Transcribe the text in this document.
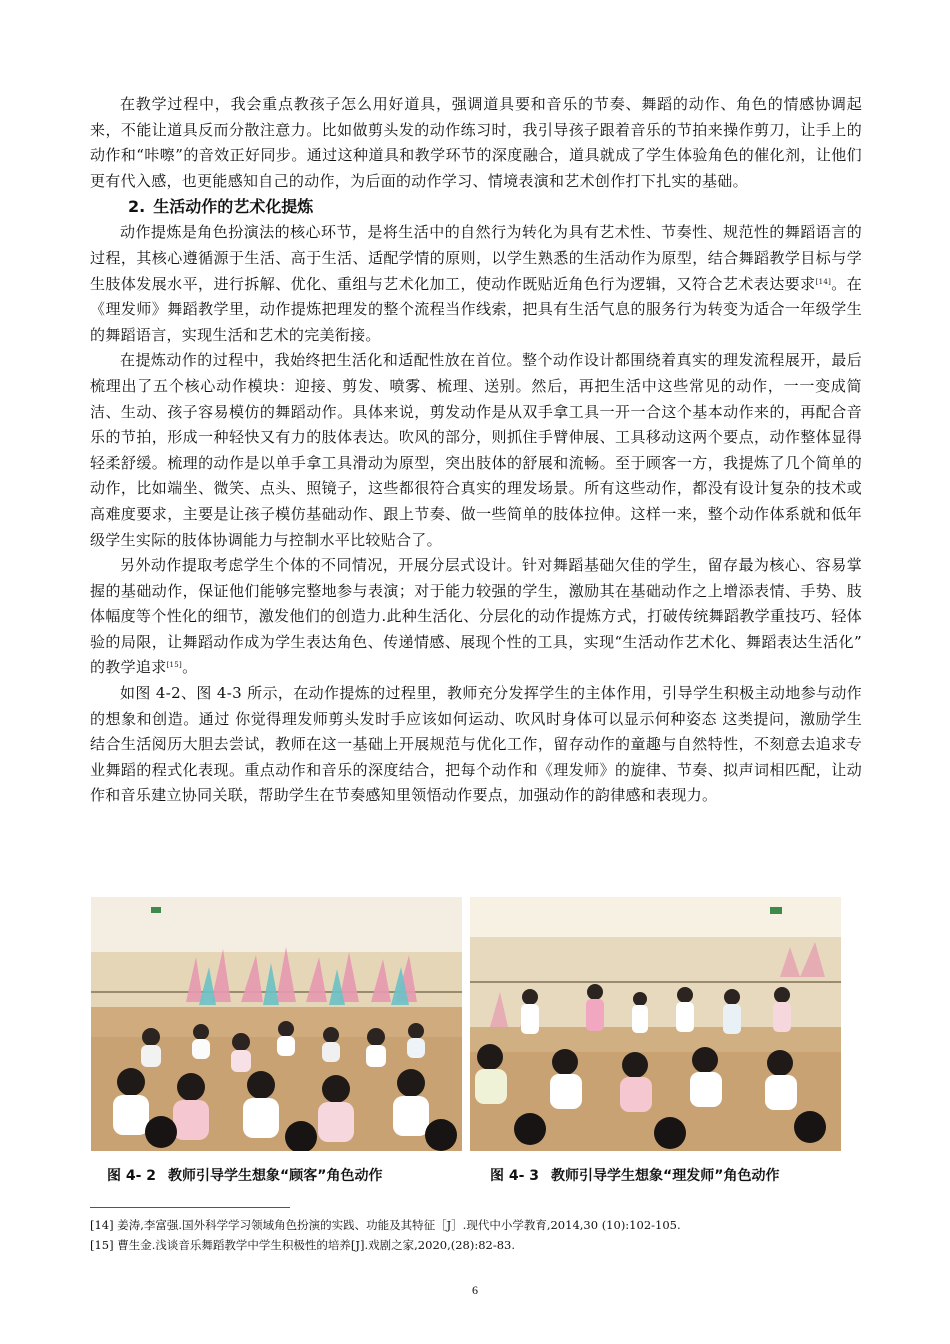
在教学过程中，我会重点教孩子怎么用好道具，强调道具要和音乐的节奏、舞蹈的动作、角色的情感协调起来，不能让道具反而分散注意力。比如做剪头发的动作练习时，我引导孩子跟着音乐的节拍来操作剪刀，让手上的动作和“咔嚓”的音效正好同步。通过这种道具和教学环节的深度融合，道具就成了学生体验角色的催化剂，让他们更有代入感，也更能感知自己的动作，为后面的动作学习、情境表演和艺术创作打下扎实的基础。

2. 生活动作的艺术化提炼

动作提炼是角色扮演法的核心环节，是将生活中的自然行为转化为具有艺术性、节奏性、规范性的舞蹈语言的过程，其核心遵循源于生活、高于生活、适配学情的原则，以学生熟悉的生活动作为原型，结合舞蹈教学目标与学生肢体发展水平，进行拆解、优化、重组与艺术化加工，使动作既贴近角色行为逻辑，又符合艺术表达要求[14]。在《理发师》舞蹈教学里，动作提炼把理发的整个流程当作线索，把具有生活气息的服务行为转变为适合一年级学生的舞蹈语言，实现生活和艺术的完美衔接。

在提炼动作的过程中，我始终把生活化和适配性放在首位。整个动作设计都围绕着真实的理发流程展开，最后梳理出了五个核心动作模块：迎接、剪发、喷雾、梳理、送别。然后，再把生活中这些常见的动作，一一变成简洁、生动、孩子容易模仿的舞蹈动作。具体来说，剪发动作是从双手拿工具一开一合这个基本动作来的，再配合音乐的节拍，形成一种轻快又有力的肢体表达。吹风的部分，则抓住手臂伸展、工具移动这两个要点，动作整体显得轻柔舒缓。梳理的动作是以单手拿工具滑动为原型，突出肢体的舒展和流畅。至于顾客一方，我提炼了几个简单的动作，比如端坐、微笑、点头、照镜子，这些都很符合真实的理发场景。所有这些动作，都没有设计复杂的技术或高难度要求，主要是让孩子模仿基础动作、跟上节奏、做一些简单的肢体拉伸。这样一来，整个动作体系就和低年级学生实际的肢体协调能力与控制水平比较贴合了。

另外动作提取考虑学生个体的不同情况，开展分层式设计。针对舞蹈基础欠佳的学生，留存最为核心、容易掌握的基础动作，保证他们能够完整地参与表演；对于能力较强的学生，激励其在基础动作之上增添表情、手势、肢体幅度等个性化的细节，激发他们的创造力.此种生活化、分层化的动作提炼方式，打破传统舞蹈教学重技巧、轻体验的局限，让舞蹈动作成为学生表达角色、传递情感、展现个性的工具，实现“生活动作艺术化、舞蹈表达生活化” 的教学追求[15]。

如图 4-2、图 4-3 所示，在动作提炼的过程里，教师充分发挥学生的主体作用，引导学生积极主动地参与动作的想象和创造。通过 你觉得理发师剪头发时手应该如何运动、吹风时身体可以显示何种姿态 这类提问，激励学生结合生活阅历大胆去尝试，教师在这一基础上开展规范与优化工作，留存动作的童趣与自然特性，不刻意去追求专业舞蹈的程式化表现。重点动作和音乐的深度结合，把每个动作和《理发师》的旋律、节奏、拟声词相匹配，让动作和音乐建立协同关联，帮助学生在节奏感知里领悟动作要点，加强动作的韵律感和表现力。

图 4- 2 教师引导学生想象“顾客”角色动作	图 4- 3 教师引导学生想象“理发师”角色动作

[14] 姜涛,李富强.国外科学学习领域角色扮演的实践、功能及其特征［J］.现代中小学教育,2014,30 (10):102-105.

[15] 曹生金.浅谈音乐舞蹈教学中学生积极性的培养[J].戏剧之家,2020,(28):82-83.

6
